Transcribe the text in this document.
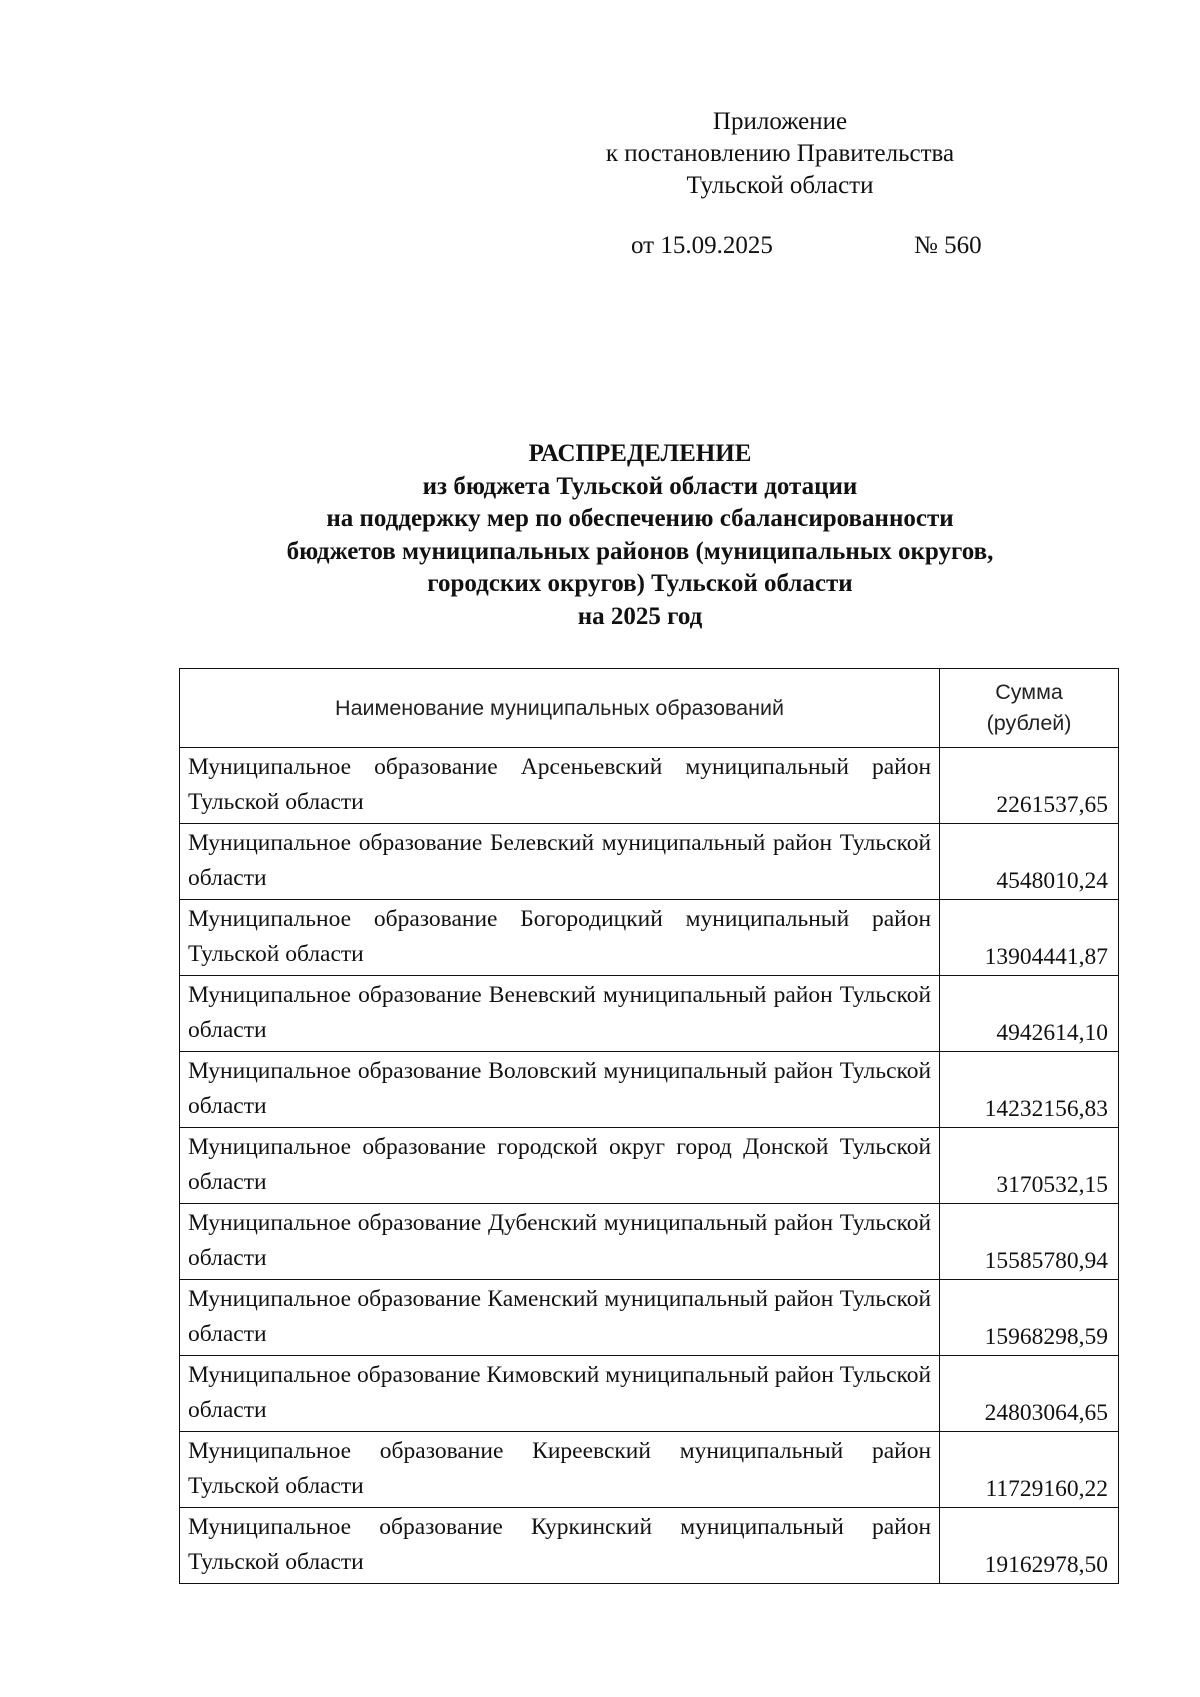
Приложение
к постановлению Правительства
Тульской области
от 15.09.2025	№ 560
РАСПРЕДЕЛЕНИЕ
из бюджета Тульской области дотации
на поддержку мер по обеспечению сбалансированности
бюджетов муниципальных районов (муниципальных округов,
городских округов) Тульской области
на 2025 год
Наименование муниципальных образований	Сумма
(рублей)

Муниципальное образование Арсеньевский муниципальный район Тульской области	2261537,65
Муниципальное образование Белевский муниципальный район Тульской области	4548010,24
Муниципальное образование Богородицкий муниципальный район Тульской области	13904441,87
Муниципальное образование Веневский муниципальный район Тульской области	4942614,10
Муниципальное образование Воловский муниципальный район Тульской области	14232156,83
Муниципальное образование городской округ город Донской Тульской области	3170532,15
Муниципальное образование Дубенский муниципальный район Тульской области	15585780,94
Муниципальное образование Каменский муниципальный район Тульской области	15968298,59
Муниципальное образование Кимовский муниципальный район Тульской области	24803064,65
Муниципальное образование Киреевский муниципальный район Тульской области	11729160,22
Муниципальное образование Куркинский муниципальный район Тульской области	19162978,50
